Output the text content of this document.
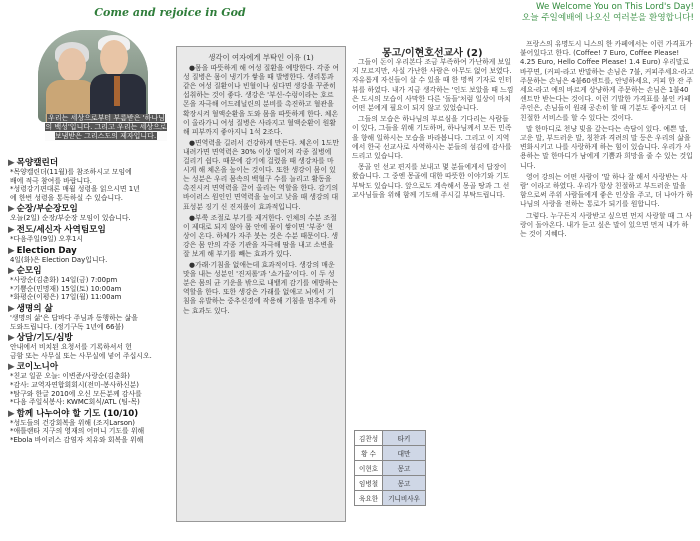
Come and rejoice in God	We Welcome You on This Lord's Day!
오늘 주일예배에 나오신 여러분을 환영합니다!
우리는 세상으로부터 부름받은 '하나님의 백성'입니다. 그리고 우리는 세상으로 보냄받은 그리스도의 제자입니다.
▶ 목양캘린더
*목양캘린더(11월)를 참조하시고 모임에
배에 적극 참여를 바랍니다.
*성령강기편대론 매월 성령을 읽으시면 1년
에 한번 성령을 통독하실 수 있습니다.
▶ 순장/부순장모임
오늘(2일) 순장/부순장 모임이 있습니다.
▶ 전도/세신자 사역팀모임
*다음주일(9일) 오후1시
▶ Election Day
4일(화)은 Election Day입니다.
▶ 순모임
*사랑순(김춘화) 14일(금) 7:00pm
*기쁨순(민명재) 15일(토) 10:00am
*화평순(이평은) 17일(월) 11:00am
▶ 생명의 삶
'생명의 삶'은 답바다 주님과 동행하는 삶을
도와드립니다. (정기구독 1년에 66불)
▶ 상담/기도/심방
안내에서 비치된 요청서를 기록하셔서 헌
금함 또는 사무실 또는 사무실에 넣어 주십시오.
▶ 코이노니아
*친교 일꾼 오늘: 이변준/사랑순(김춘화)
*감사: 교역자연합회회시(전미-봉사하신분)
*탐구와 한글 2010에 오신 모든분께 감사를
*다음 주일식봉사: KWMC회식/ATL (팀-목)
▶ 함께 나누어야 할 기도 (10/10)
*성도들의 건강회복을 위해 (조지Larson)
*애틀랜타 지구의 영재의 어머니 기도를 위해
*Ebola 바이러스 감염자 치유와 회복을 위해
생각이 여자에게 부탁인 이유 (1)

●몸을 따뜻하게 해 여성 질환을 예방한다. 각종 여성 질병은 몸이 냉기가 쌓을 때 발병한다. 생리통과 같은 여성 질환이나 빈혈이나 심다면 생강을 꾸준히 섭취하는 것이 좋다. 생강은 '부신-수렁이라는 호르몬을 자극해 어드레닐린의 분비를 촉진하고 혈관을 확장시켜 혈액순환을 도와 몸을 따뜻하게 한다. 체온이 올라가니 여성 질병은 사라지고 혈액순환이 원활해 피부까지 좋아지니 1석 2조다.

●면역력을 길러서 건강하게 만든다. 체온이 1도만 내려가면 면역력은 30% 이상 떨어져 각종 질병에 걸리기 쉽다. 때문에 감기에 걸렸을 때 생강차를 마시게 해 체온을 높이는 것이다. 또한 생강이 몸이 있는 성분은 우리 몸속의 백혈구 수를 늘리고 활동을 촉진시켜 면역력을 끌어 올리는 역할을 한다. 감기의 바이러스 원인인 면역력을 높이고 낮을 때 생강의 대표성분 징기 신 진저롤이 효과적입니다.

●부쭉 조절로 부기를 제거한다. 인체의 수분 조절이 제대로 되지 않아 몸 안에 물이 쌓이면 '부종' 현상이 온다. 하체가 자주 붓는 것은 수분 때문이다. 생강은 몸 안의 각종 기관을 자극해 땀을 내고 소변을 잘 보게 해 부기를 빼는 효과가 있다.

●가래·기침을 없애는데 효과적이다. 생강의 매운맛을 내는 성분인 '진저롤'과 '쇼가올'이다. 이 두 성분은 몸의 균 기운을 밖으로 내뱉게 감기를 예방하는 역할을 한다. 또한 생강은 가래를 없애고 뇌에서 기침을 유발하는 중추신경에 작용해 기침을 멈추게 하는 효과도 있다.

몽고/이현호선교사 (2)

그들이 돈이 우리본다 조금 부족하여 가난하게 보일지 모르지만, 사실 가난한 사람은 아무도 없어 보였다. 자유롭게 자신들이 살 수 있을 때 한 명씩 기자로 인터뷰를 하였다. 내가 지금 생각하는 '인도 보았을 때 느낌은 도시의 모습이 사막한 다른 '돌들'처럼 일상이 마치 어떤 분에게 필요이 되지 않고 있었습니다.

그들의 모습은 하나님의 부르심을 기다리는 사람들이 있다, 그들을 위해 기도하며, 하나님께서 모든 민족을 향해 일하시는 모습을 바라봅니다. 그리고 이 지역에서 한국 선교사로 사역하시는 분들의 섬김에 감사를 드리고 있습니다.

몽골 인 선교 편지를 보내고 몇 분들에게서 답장이 왔습니다. 그 중엔 몽골에 대한 따뜻한 이야기와 기도 부탁도 있습니다. 앞으로도 계속해서 몽골 땅과 그 선교사님들을 위해 함께 기도해 주시길 부탁드립니다.

김찬성	타키
황 수	대만
이현호	몽고
임병철	몽고
육요한	기니비사우

프랑스의 유명도시 니스의 한 카페에서는 이런 가격표가 붙어있다고 한다. (Coffee! 7 Euro, Coffee Please! 4.25 Euro, Hello Coffee Please! 1.4 Euro) 우리말로 바꾸면, (커피-라고 반말하는 손님은 7불, 커피주세요-라고 주문하는 손님은 4불60센트를, 안녕하세요, 커피 한 잔 주세요-라고 예의 바르게 상냥하게 주문하는 손님은 1불40센트만 받는다는 것이다. 이런 기발한 가격표를 붙인 카페 주인은, 손님들이 원래 공손히 할 때 기분도 좋아지고 더 친절한 서비스를 할 수 있다는 것이다.

말 한마디로 천냥 빚을 갚는다는 속담이 있다. 예쁜 말, 고운 말, 부드러운 말, 칭찬과 격려의 말 등은 우리의 삶을 변화시키고 나를 사랑하게 하는 힘이 있습니다. 우리가 사용하는 말 한마디가 남에게 기쁨과 희망을 줄 수 있는 것입니다.

영어 강의는 어떤 사람이 '말 하나 잘 해서 사랑받는 사람' 이라고 하였다. 우리가 항상 친절하고 부드러운 말을 함으로써 주위 사람들에게 좋은 인상을 주고, 더 나아가 하나님의 사랑을 전하는 통로가 되기를 원합니다.

그렇다. 누구든지 사랑받고 싶으면 먼저 사랑할 때 그 사랑이 돌아온다. 내가 듣고 싶은 말이 있으면 먼저 내가 하는 것이 지혜다.
